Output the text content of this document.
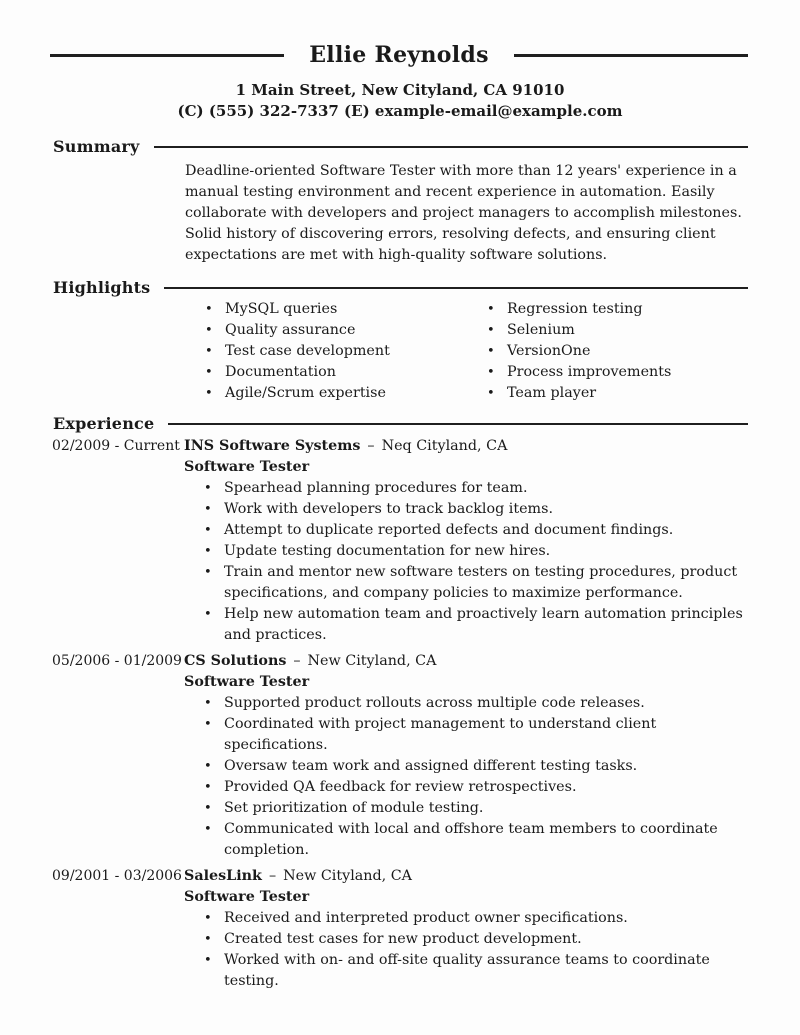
Ellie Reynolds
1 Main Street, New Cityland, CA 91010
(C) (555) 322-7337 (E) example-email@example.com
Summary
Deadline-oriented Software Tester with more than 12 years' experience in a
manual testing environment and recent experience in automation. Easily
collaborate with developers and project managers to accomplish milestones.
Solid history of discovering errors, resolving defects, and ensuring client
expectations are met with high-quality software solutions.
Highlights
• MySQL queries
• Quality assurance
• Test case development
• Documentation
• Agile/Scrum expertise
• Regression testing
• Selenium
• VersionOne
• Process improvements
• Team player
Experience
02/2009 - Current INS Software Systems – Neq Cityland, CA
Software Tester
• Spearhead planning procedures for team.
• Work with developers to track backlog items.
• Attempt to duplicate reported defects and document findings.
• Update testing documentation for new hires.
• Train and mentor new software testers on testing procedures, product specifications, and company policies to maximize performance.
• Help new automation team and proactively learn automation principles and practices.
05/2006 - 01/2009 CS Solutions – New Cityland, CA
Software Tester
• Supported product rollouts across multiple code releases.
• Coordinated with project management to understand client specifications.
• Oversaw team work and assigned different testing tasks.
• Provided QA feedback for review retrospectives.
• Set prioritization of module testing.
• Communicated with local and offshore team members to coordinate completion.
09/2001 - 03/2006 SalesLink – New Cityland, CA
Software Tester
• Received and interpreted product owner specifications.
• Created test cases for new product development.
• Worked with on- and off-site quality assurance teams to coordinate testing.
